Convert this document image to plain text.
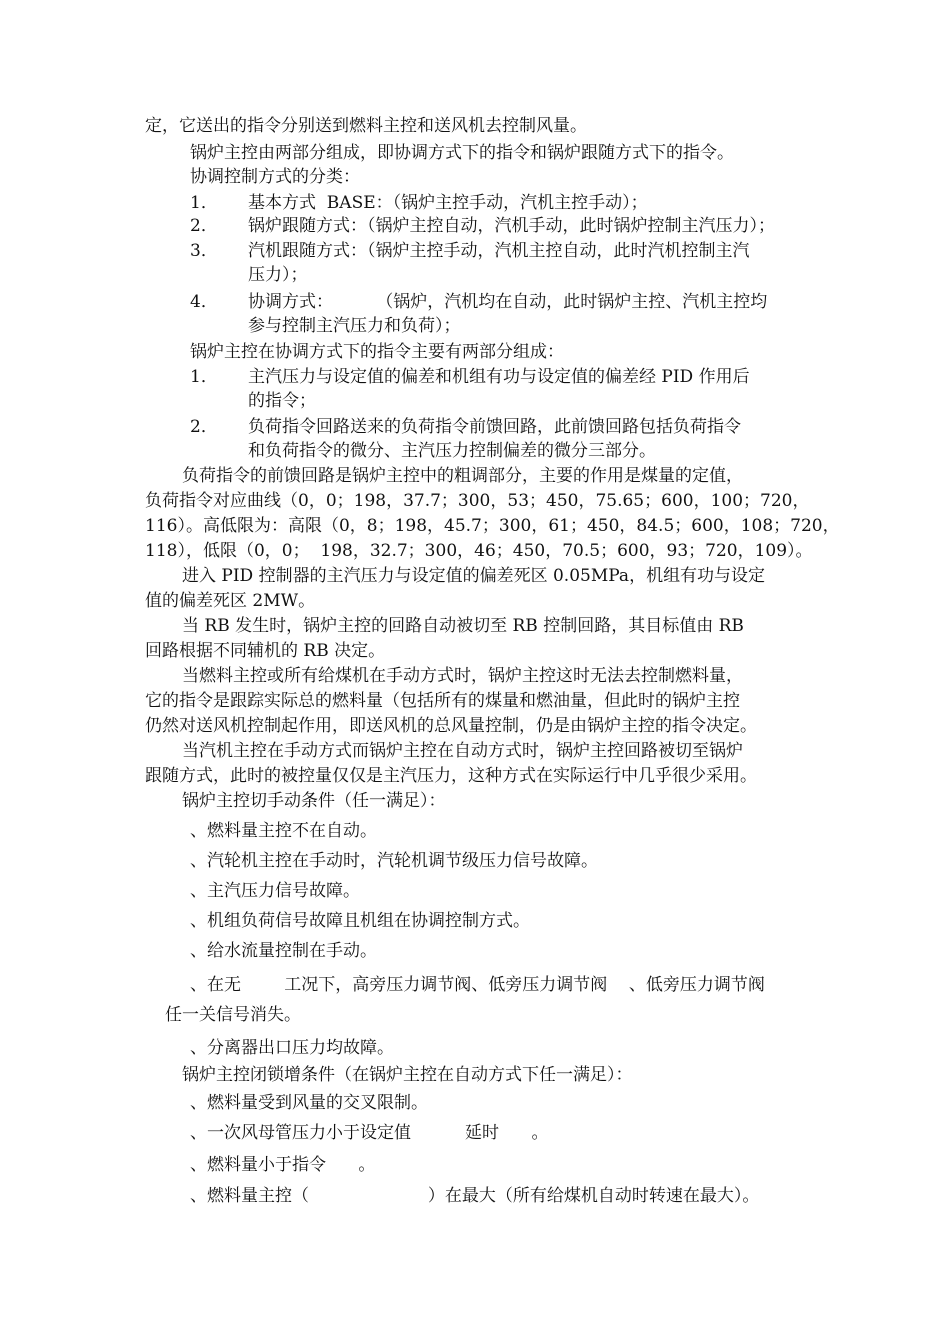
定，它送出的指令分别送到燃料主控和送风机去控制风量。
锅炉主控由两部分组成，即协调方式下的指令和锅炉跟随方式下的指令。
协调控制方式的分类：
1． 基本方式  BASE：（锅炉主控手动，汽机主控手动）；
2． 锅炉跟随方式：（锅炉主控自动，汽机手动，此时锅炉控制主汽压力）；
3． 汽机跟随方式：（锅炉主控手动，汽机主控自动，此时汽机控制主汽
压力）；
4． 协调方式：        （锅炉，汽机均在自动，此时锅炉主控、汽机主控均
参与控制主汽压力和负荷）；
锅炉主控在协调方式下的指令主要有两部分组成：
1． 主汽压力与设定值的偏差和机组有功与设定值的偏差经 PID 作用后
的指令；
2． 负荷指令回路送来的负荷指令前馈回路，此前馈回路包括负荷指令
和负荷指令的微分、主汽压力控制偏差的微分三部分。
负荷指令的前馈回路是锅炉主控中的粗调部分，主要的作用是煤量的定值，
负荷指令对应曲线（0，0；198，37.7；300，53；450，75.65；600，100；720，
116）。高低限为：高限（0，8；198，45.7；300，61；450，84.5；600，108；720，
118），低限（0，0；  198，32.7；300，46；450，70.5；600，93；720，109）。
进入 PID 控制器的主汽压力与设定值的偏差死区 0.05MPa，机组有功与设定
值的偏差死区 2MW。
当 RB 发生时，锅炉主控的回路自动被切至 RB 控制回路，其目标值由 RB
回路根据不同辅机的 RB 决定。
当燃料主控或所有给煤机在手动方式时，锅炉主控这时无法去控制燃料量，
它的指令是跟踪实际总的燃料量（包括所有的煤量和燃油量，但此时的锅炉主控
仍然对送风机控制起作用，即送风机的总风量控制，仍是由锅炉主控的指令决定。
当汽机主控在手动方式而锅炉主控在自动方式时，锅炉主控回路被切至锅炉
跟随方式，此时的被控量仅仅是主汽压力，这种方式在实际运行中几乎很少采用。
锅炉主控切手动条件（任一满足）：
、燃料量主控不在自动。
、汽轮机主控在手动时，汽轮机调节级压力信号故障。
、主汽压力信号故障。
、机组负荷信号故障且机组在协调控制方式。
、给水流量控制在手动。
、在无        工况下，高旁压力调节阀、低旁压力调节阀    、低旁压力调节阀
任一关信号消失。
、分离器出口压力均故障。
锅炉主控闭锁增条件（在锅炉主控在自动方式下任一满足）：
、燃料量受到风量的交叉限制。
、一次风母管压力小于设定值          延时      。
、燃料量小于指令      。
、燃料量主控（                      ）在最大（所有给煤机自动时转速在最大）。
